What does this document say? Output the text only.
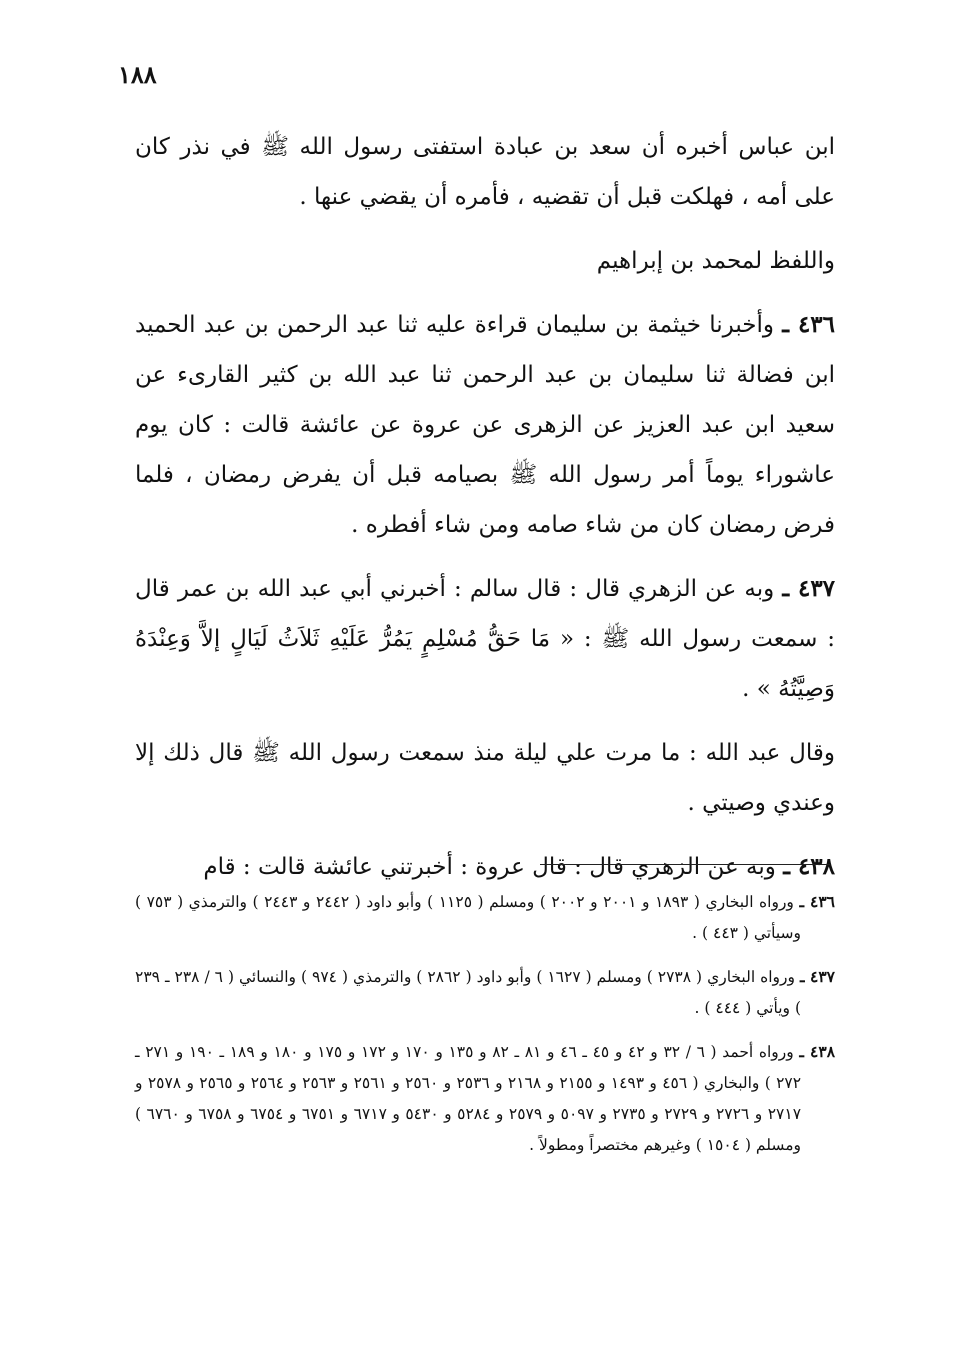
١٨٨

ابن عباس أخبره أن سعد بن عبادة استفتى رسول الله ﷺ في نذر كان على أمه ، فهلكت قبل أن تقضيه ، فأمره أن يقضي عنها .

واللفظ لمحمد بن إبراهيم

٤٣٦ ـ وأخبرنا خيثمة بن سليمان قراءة عليه ثنا عبد الرحمن بن عبد الحميد ابن فضالة ثنا سليمان بن عبد الرحمن ثنا عبد الله بن كثير القارىء عن سعيد ابن عبد العزيز عن الزهرى عن عروة عن عائشة قالت : كان يوم عاشوراء يوماً أمر رسول الله ﷺ بصيامه قبل أن يفرض رمضان ، فلما فرض رمضان كان من شاء صامه ومن شاء أفطره .

٤٣٧ ـ وبه عن الزهري قال : قال سالم : أخبرني أبي عبد الله بن عمر قال : سمعت رسول الله ﷺ : « مَا حَقُّ مُسْلِمٍ يَمُرُّ عَلَيْهِ ثَلاَثُ لَيَالٍ إلاَّ وَعِنْدَهُ وَصِيَّتُهُ » .

وقال عبد الله : ما مرت علي ليلة منذ سمعت رسول الله ﷺ قال ذلك إلا وعندي وصيتي .

٤٣٨ ـ وبه عن الزهري قال : قال عروة : أخبرتني عائشة قالت : قام

٤٣٦ ـ ورواه البخاري ( ١٨٩٣ و ٢٠٠١ و ٢٠٠٢ ) ومسلم ( ١١٢٥ ) وأبو داود ( ٢٤٤٢ و ٢٤٤٣ ) والترمذي ( ٧٥٣ ) وسيأتي ( ٤٤٣ ) .
٤٣٧ ـ ورواه البخاري ( ٢٧٣٨ ) ومسلم ( ١٦٢٧ ) وأبو داود ( ٢٨٦٢ ) والترمذي ( ٩٧٤ ) والنسائي ( ٦ / ٢٣٨ ـ ٢٣٩ ) ويأتي ( ٤٤٤ ) .
٤٣٨ ـ ورواه أحمد ( ٦ / ٣٢ و ٤٢ و ٤٥ ـ ٤٦ و ٨١ ـ ٨٢ و ١٣٥ و ١٧٠ و ١٧٢ و ١٧٥ و ١٨٠ و ١٨٩ ـ ١٩٠ و ٢٧١ ـ ٢٧٢ ) والبخاري ( ٤٥٦ و ١٤٩٣ و ٢١٥٥ و ٢١٦٨ و ٢٥٣٦ و ٢٥٦٠ و ٢٥٦١ و ٢٥٦٣ و ٢٥٦٤ و ٢٥٦٥ و ٢٥٧٨ و ٢٧١٧ و ٢٧٢٦ و ٢٧٢٩ و ٢٧٣٥ و ٥٠٩٧ و ٢٥٧٩ و ٥٢٨٤ و ٥٤٣٠ و ٦٧١٧ و ٦٧٥١ و ٦٧٥٤ و ٦٧٥٨ و ٦٧٦٠ ) ومسلم ( ١٥٠٤ ) وغيرهم مختصراً ومطولاً .
